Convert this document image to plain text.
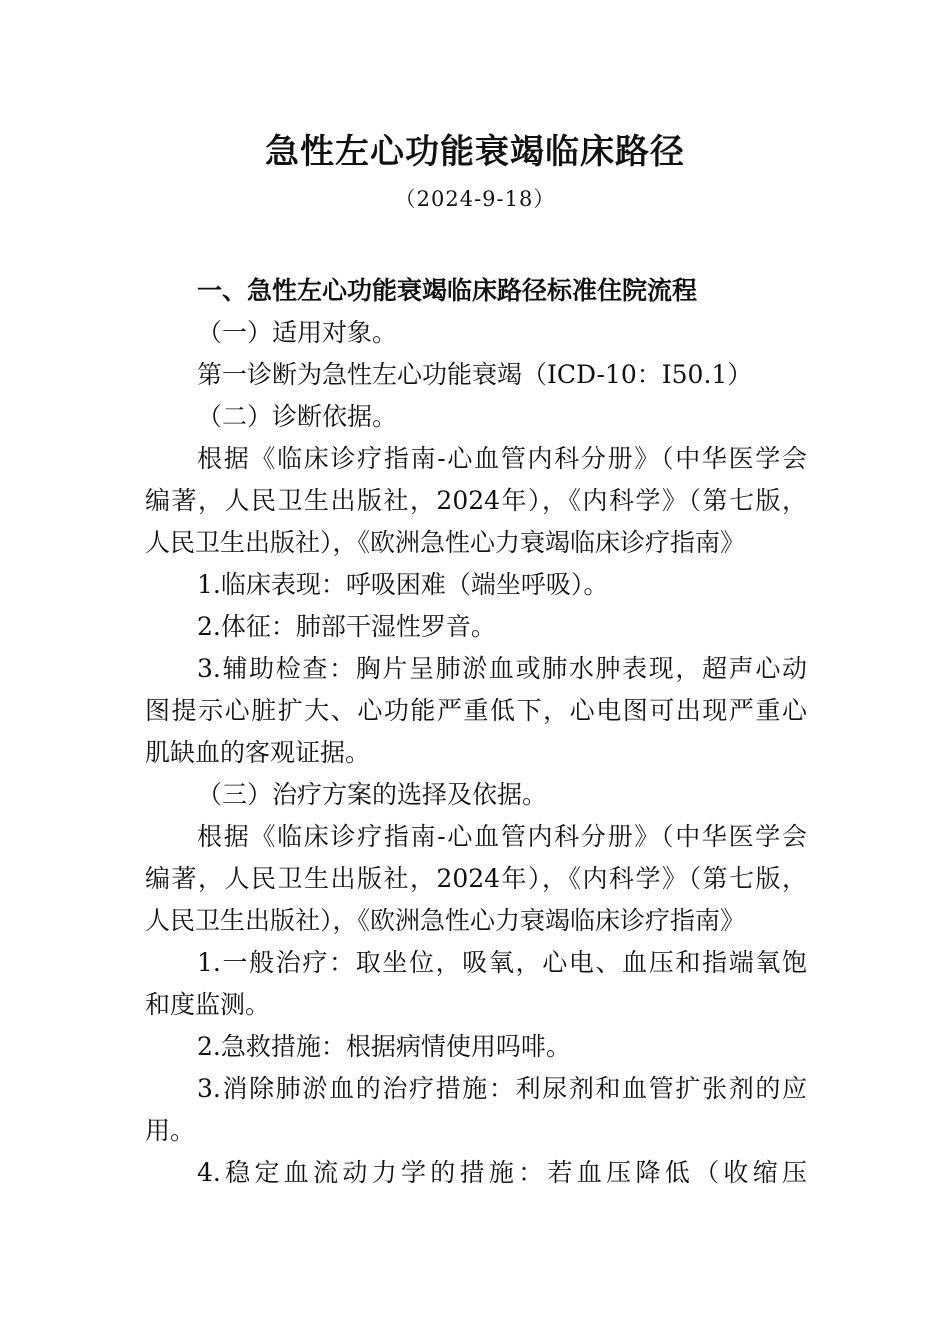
急性左心功能衰竭临床路径
（2024-9-18）

一、急性左心功能衰竭临床路径标准住院流程

（一）适用对象。

第一诊断为急性左心功能衰竭（ICD-10：I50.1）

（二）诊断依据。

根据《临床诊疗指南-心血管内科分册》（中华医学会

编著，人民卫生出版社，2024年），《内科学》（第七版，

人民卫生出版社），《欧洲急性心力衰竭临床诊疗指南》

1.临床表现：呼吸困难（端坐呼吸）。

2.体征：肺部干湿性罗音。

3.辅助检查：胸片呈肺淤血或肺水肿表现，超声心动

图提示心脏扩大、心功能严重低下，心电图可出现严重心

肌缺血的客观证据。

（三）治疗方案的选择及依据。

根据《临床诊疗指南-心血管内科分册》（中华医学会

编著，人民卫生出版社，2024年），《内科学》（第七版，

人民卫生出版社），《欧洲急性心力衰竭临床诊疗指南》

1.一般治疗：取坐位，吸氧，心电、血压和指端氧饱

和度监测。

2.急救措施：根据病情使用吗啡。

3.消除肺淤血的治疗措施：利尿剂和血管扩张剂的应

用。

4.稳定血流动力学的措施：若血压降低（收缩压
